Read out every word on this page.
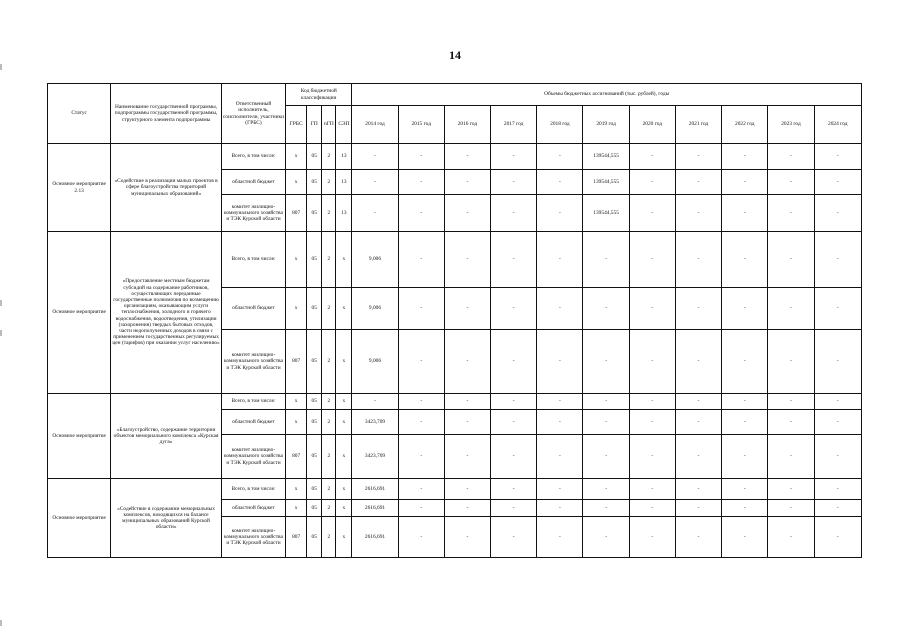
14
Статус	Наименование государственной программы, подпрограммы государственной программы, структурного элемента подпрограммы	Ответственный исполнитель, соисполнители, участники (ГРБС)	Код бюджетной классификации				Объемы бюджетных ассигнований (тыс. рублей), годы										
			ГРБС	ГП	пГП	СЭП	2014 год	2015 год	2016 год	2017 год	2018 год	2019 год	2020 год	2021 год	2022 год	2023 год	2024 год
Основное мероприятие 2.13	«Содействие в реализации малых проектов в сфере благоустройства территорий муниципальных образований»	Всего, в том числе:	х	05	2	13	-	-	-	-	-	139544,555	-	-	-	-	-
		областной бюджет	х	05	2	13	-	-	-	-	-	139544,555	-	-	-	-	-
		комитет жилищно-коммунального хозяйства и ТЭК Курской области	807	05	2	13	-	-	-	-	-	139544,555	-	-	-	-	-
Основное мероприятие	«Предоставление местным бюджетам субсидий на содержание работников, осуществляющих переданные государственные полномочия по возмещению организациям, оказывающим услуги теплоснабжения, холодного и горячего водоснабжения, водоотведения, утилизации (захоронения) твердых бытовых отходов, части недополученных доходов в связи с применением государственных регулируемых цен (тарифов) при оказании услуг населению»	Всего, в том числе:	х	05	2	х	9,006	-	-	-	-	-	-	-	-	-	-
		областной бюджет	х	05	2	х	9,006	-	-	-	-	-	-	-	-	-	-
		комитет жилищно-коммунального хозяйства и ТЭК Курской области	807	05	2	х	9,006	-	-	-	-	-	-	-	-	-	-
Основное мероприятие	«Благоустройство, содержание территории объектов мемориального комплекса «Курская дуга»	Всего, в том числе:	х	05	2	х	-	-	-	-	-	-	-	-	-	-	-
		областной бюджет	х	05	2	х	3423,709	-	-	-	-	-	-	-	-	-	-
		комитет жилищно-коммунального хозяйства и ТЭК Курской области	807	05	2	х	3423,709	-	-	-	-	-	-	-	-	-	-
Основное мероприятие	«Содействие в содержании мемориальных комплексов, находящихся на балансе муниципальных образований Курской области»	Всего, в том числе:	х	05	2	х	2616,691	-	-	-	-	-	-	-	-	-	-
		областной бюджет	х	05	2	х	2616,691	-	-	-	-	-	-	-	-	-	-
		комитет жилищно-коммунального хозяйства и ТЭК Курской области	807	05	2	х	2616,691	-	-	-	-	-	-	-	-	-	-
